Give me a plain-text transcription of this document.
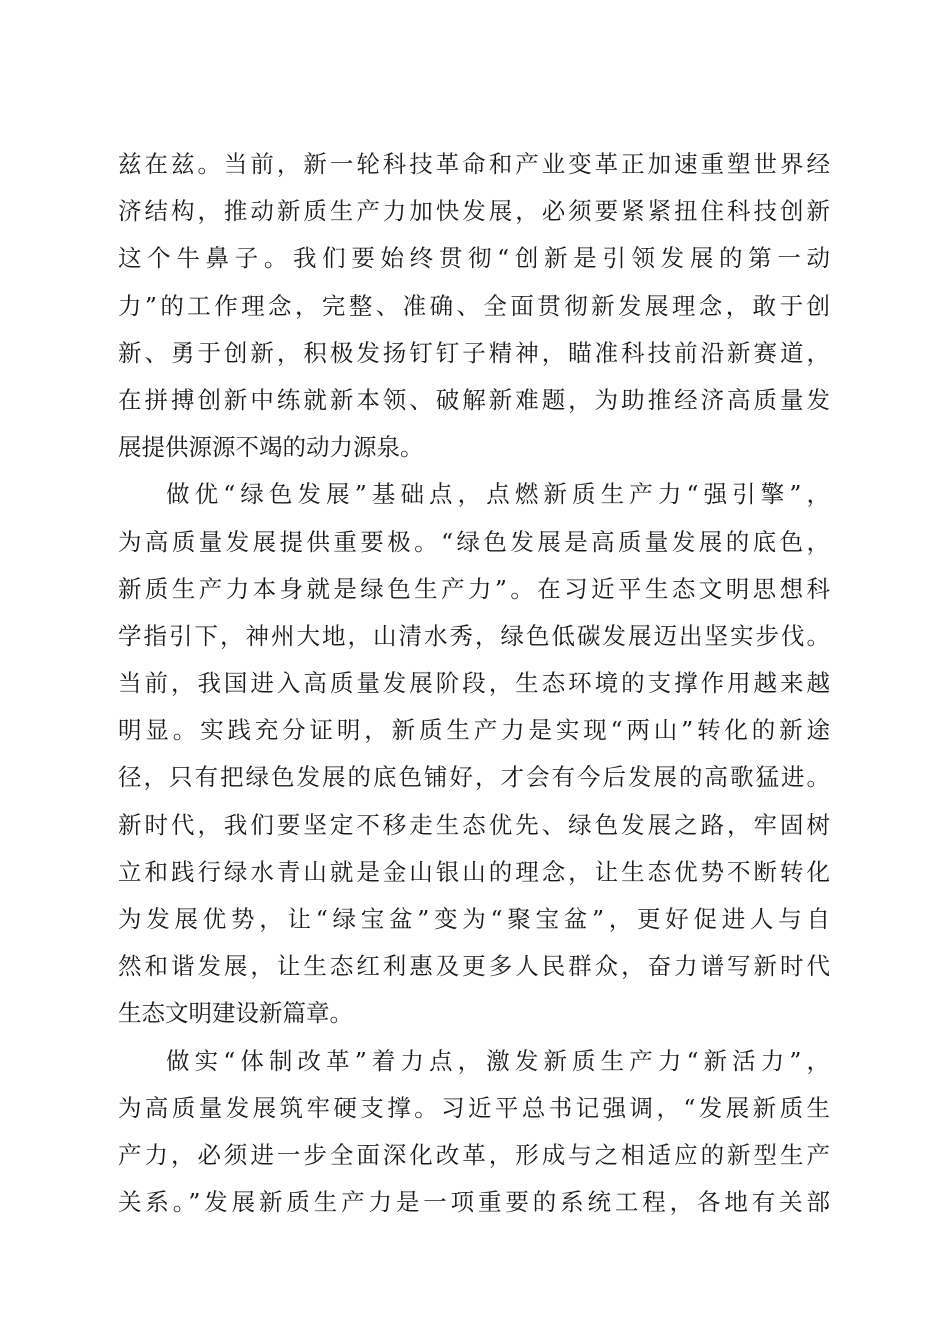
兹在兹。当前，新一轮科技革命和产业变革正加速重塑世界经
济结构，推动新质生产力加快发展，必须要紧紧扭住科技创新
这个牛鼻子。我们要始终贯彻“创新是引领发展的第一动
力”的工作理念，完整、准确、全面贯彻新发展理念，敢于创
新、勇于创新，积极发扬钉钉子精神，瞄准科技前沿新赛道，
在拼搏创新中练就新本领、破解新难题，为助推经济高质量发
展提供源源不竭的动力源泉。
做优“绿色发展”基础点，点燃新质生产力“强引擎”，
为高质量发展提供重要极。“绿色发展是高质量发展的底色，
新质生产力本身就是绿色生产力”。在习近平生态文明思想科
学指引下，神州大地，山清水秀，绿色低碳发展迈出坚实步伐。
当前，我国进入高质量发展阶段，生态环境的支撑作用越来越
明显。实践充分证明，新质生产力是实现“两山”转化的新途
径，只有把绿色发展的底色铺好，才会有今后发展的高歌猛进。
新时代，我们要坚定不移走生态优先、绿色发展之路，牢固树
立和践行绿水青山就是金山银山的理念，让生态优势不断转化
为发展优势，让“绿宝盆”变为“聚宝盆”，更好促进人与自
然和谐发展，让生态红利惠及更多人民群众，奋力谱写新时代
生态文明建设新篇章。
做实“体制改革”着力点，激发新质生产力“新活力”，
为高质量发展筑牢硬支撑。习近平总书记强调，“发展新质生
产力，必须进一步全面深化改革，形成与之相适应的新型生产
关系。”发展新质生产力是一项重要的系统工程，各地有关部
